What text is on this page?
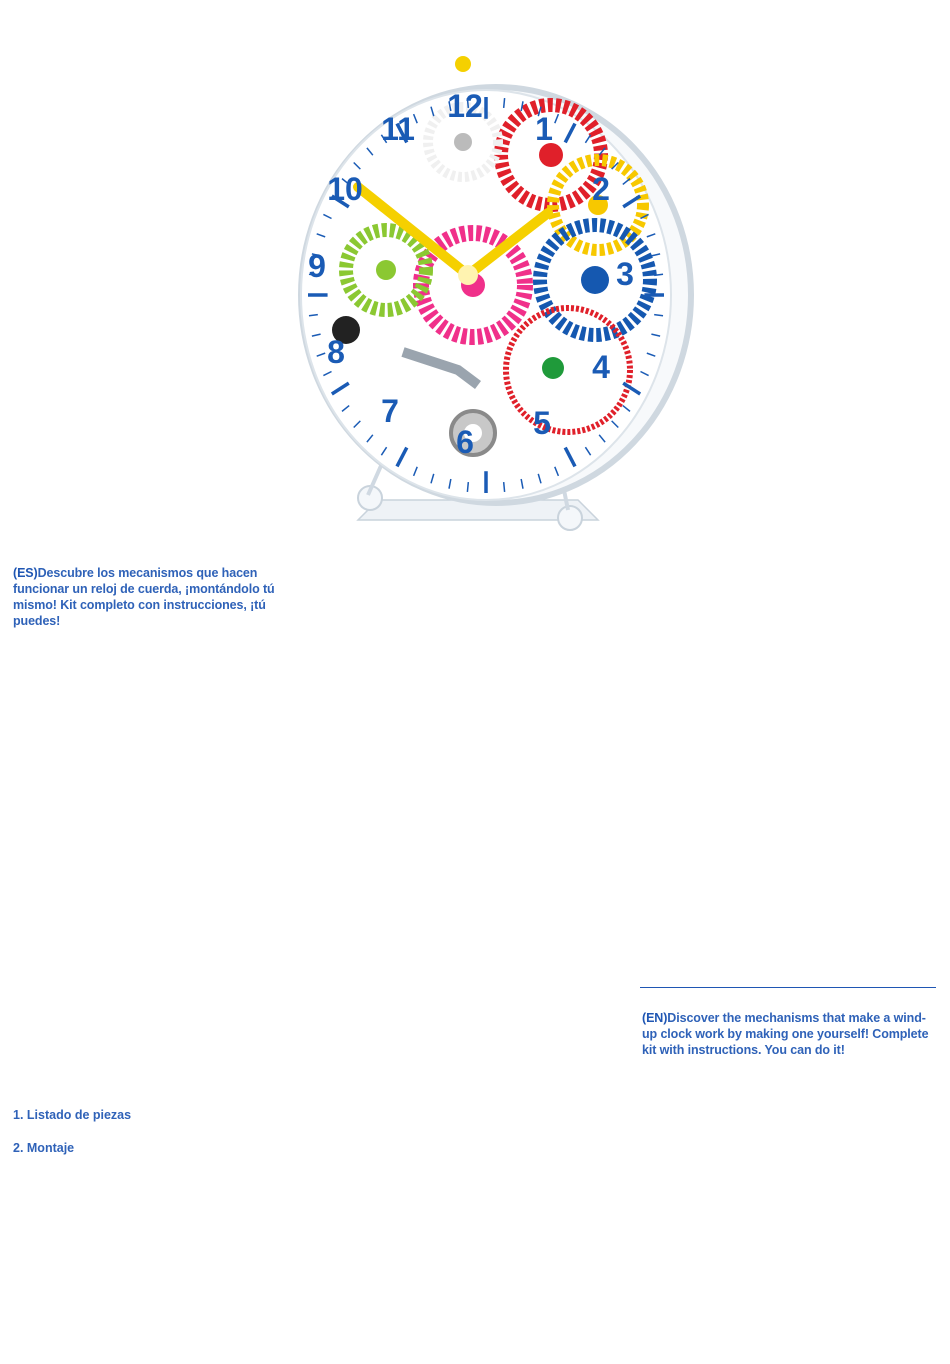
12
1
2
3
4
5
6
7
8
9
10
11
(ES)Descubre los mecanismos que hacen funcionar un reloj de cuerda, ¡montándolo tú mismo! Kit completo con instrucciones, ¡tú puedes!
(EN)Discover the mechanisms that make a wind-up clock work by making one yourself! Complete kit with instructions. You can do it!
1. Listado de piezas
2. Montaje
